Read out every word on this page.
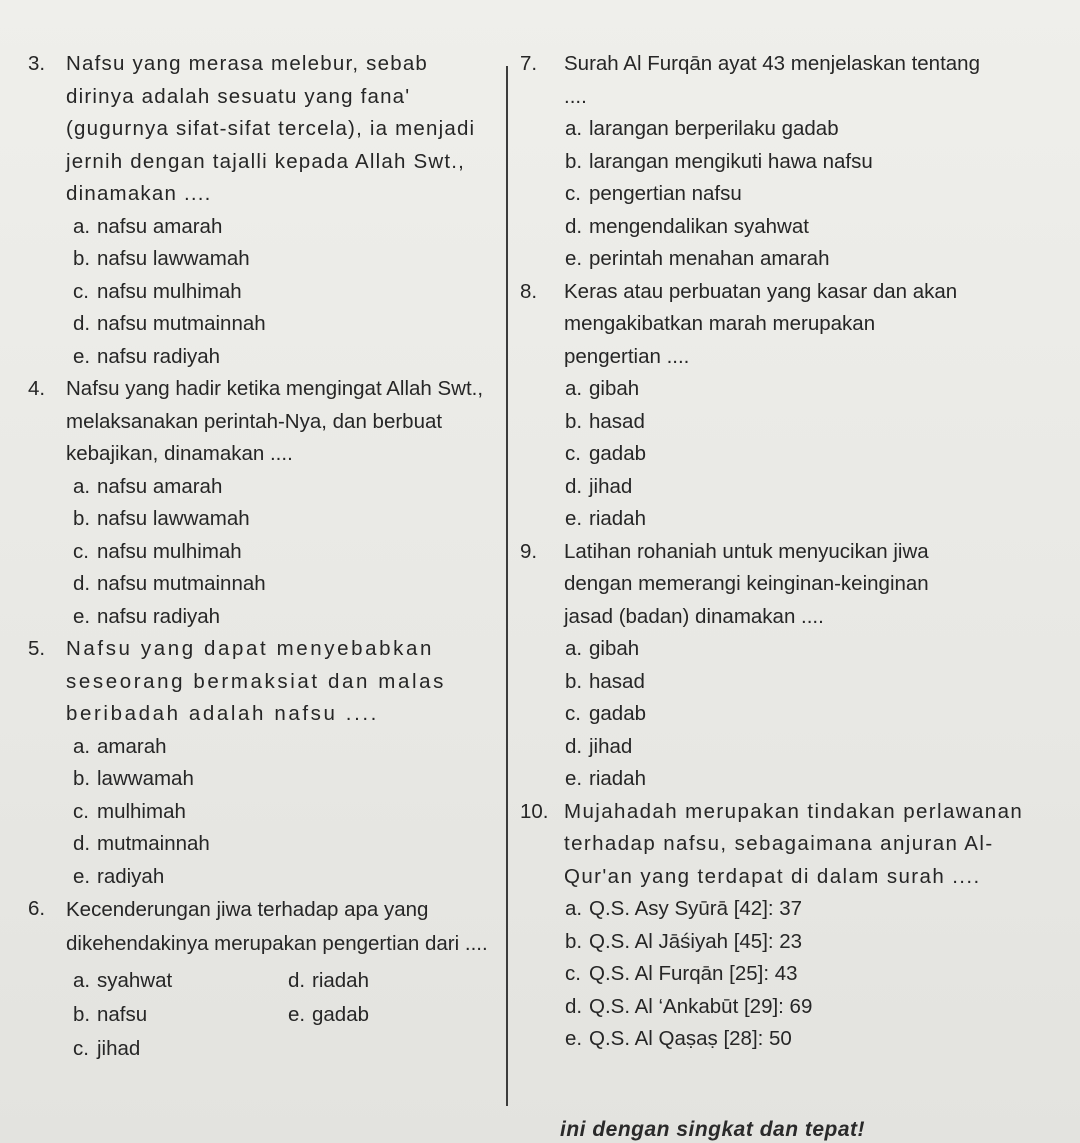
3.	Nafsu yang merasa melebur, sebab dirinya adalah sesuatu yang fana' (gugurnya sifat-sifat tercela), ia menjadi jernih dengan tajalli kepada Allah Swt., dinamakan ....

a. nafsu amarah
b. nafsu lawwamah
c. nafsu mulhimah
d. nafsu mutmainnah
e. nafsu radiyah
4.	Nafsu yang hadir ketika mengingat Allah Swt., melaksanakan perintah-Nya, dan berbuat kebajikan, dinamakan ....

a. nafsu amarah
b. nafsu lawwamah
c. nafsu mulhimah
d. nafsu mutmainnah
e. nafsu radiyah
5.	Nafsu yang dapat menyebabkan seseorang bermaksiat dan malas beribadah adalah nafsu ....

a. amarah
b. lawwamah
c. mulhimah
d. mutmainnah
e. radiyah
6.	Kecenderungan jiwa terhadap apa yang dikehendakinya merupakan pengertian dari ....

a. syahwat
b. nafsu
c. jihad
d. riadah
e. gadab
7.	Surah Al Furqān ayat 43 menjelaskan tentang ....

a. larangan berperilaku gadab
b. larangan mengikuti hawa nafsu
c. pengertian nafsu
d. mengendalikan syahwat
e. perintah menahan amarah
8.	Keras atau perbuatan yang kasar dan akan mengakibatkan marah merupakan pengertian ....

a. gibah
b. hasad
c. gadab
d. jihad
e. riadah
9.	Latihan rohaniah untuk menyucikan jiwa dengan memerangi keinginan-keinginan jasad (badan) dinamakan ....

a. gibah
b. hasad
c. gadab
d. jihad
e. riadah
10. Mujahadah merupakan tindakan perlawanan terhadap nafsu, sebagaimana anjuran Al-Qur'an yang terdapat di dalam surah ....

a. Q.S. Asy Syūrā [42]: 37
b. Q.S. Al Jāśiyah [45]: 23
c. Q.S. Al Furqān [25]: 43
d. Q.S. Al ‘Ankabūt [29]: 69
e. Q.S. Al Qaṣaṣ [28]: 50
ini dengan singkat dan tepat!
